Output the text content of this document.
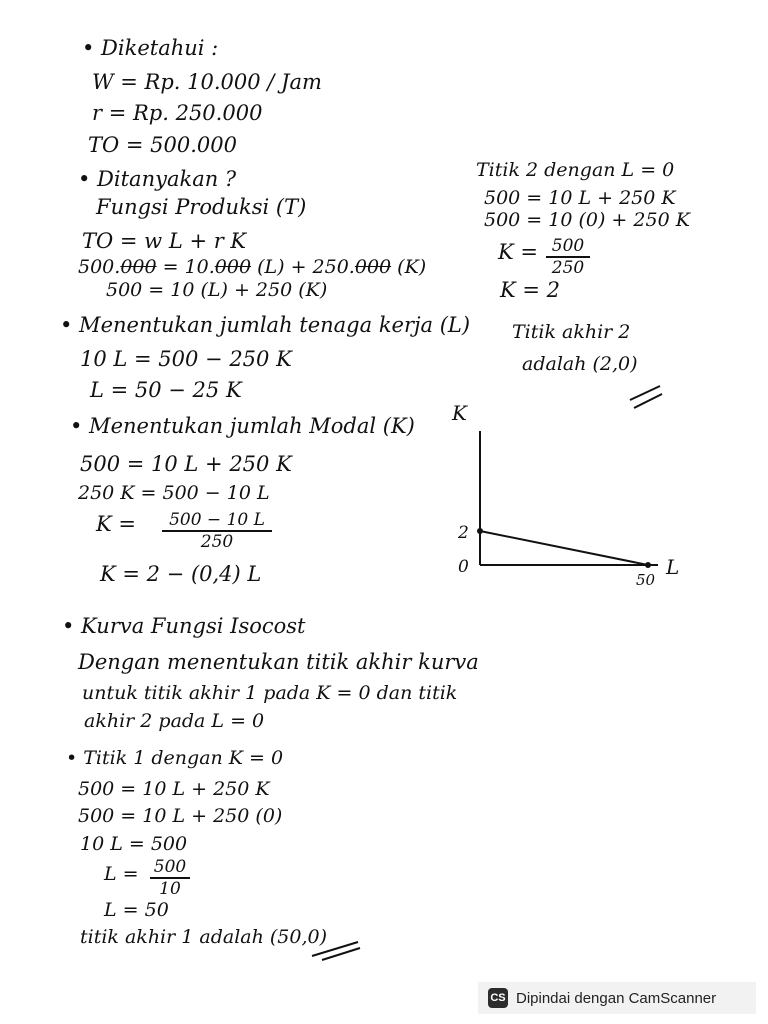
• Diketahui :
W = Rp. 10.000 / Jam
r = Rp. 250.000
TO = 500.000
• Ditanyakan ?
Fungsi Produksi (T)
TO = w L + r K
500.000 = 10.000 (L) + 250.000 (K)
500 = 10 (L) + 250 (K)
• Menentukan jumlah tenaga kerja (L)
10 L = 500 − 250 K
L = 50 − 25 K
• Menentukan jumlah Modal (K)
500 = 10 L + 250 K
250 K = 500 − 10 L
$K = \frac{500 - 10 L}{250}$
K = 2 − (0,4) L
• Kurva Fungsi Isocost
Dengan menentukan titik akhir kurva
untuk titik akhir 1 pada K = 0 dan titik
akhir 2 pada L = 0
• Titik 1 dengan K = 0
500 = 10 L + 250 K
500 = 10 L + 250 (0)
10 L = 500
$L = \frac{500}{10}$
L = 50
titik akhir 1 adalah (50,0)
Titik 2 dengan L = 0
500 = 10 L + 250 K
500 = 10 (0) + 250 K
$K = \frac{500}{250}$
K = 2
Titik akhir 2
adalah (2,0)
K
L
2
0
50
CS Dipindai dengan CamScanner
